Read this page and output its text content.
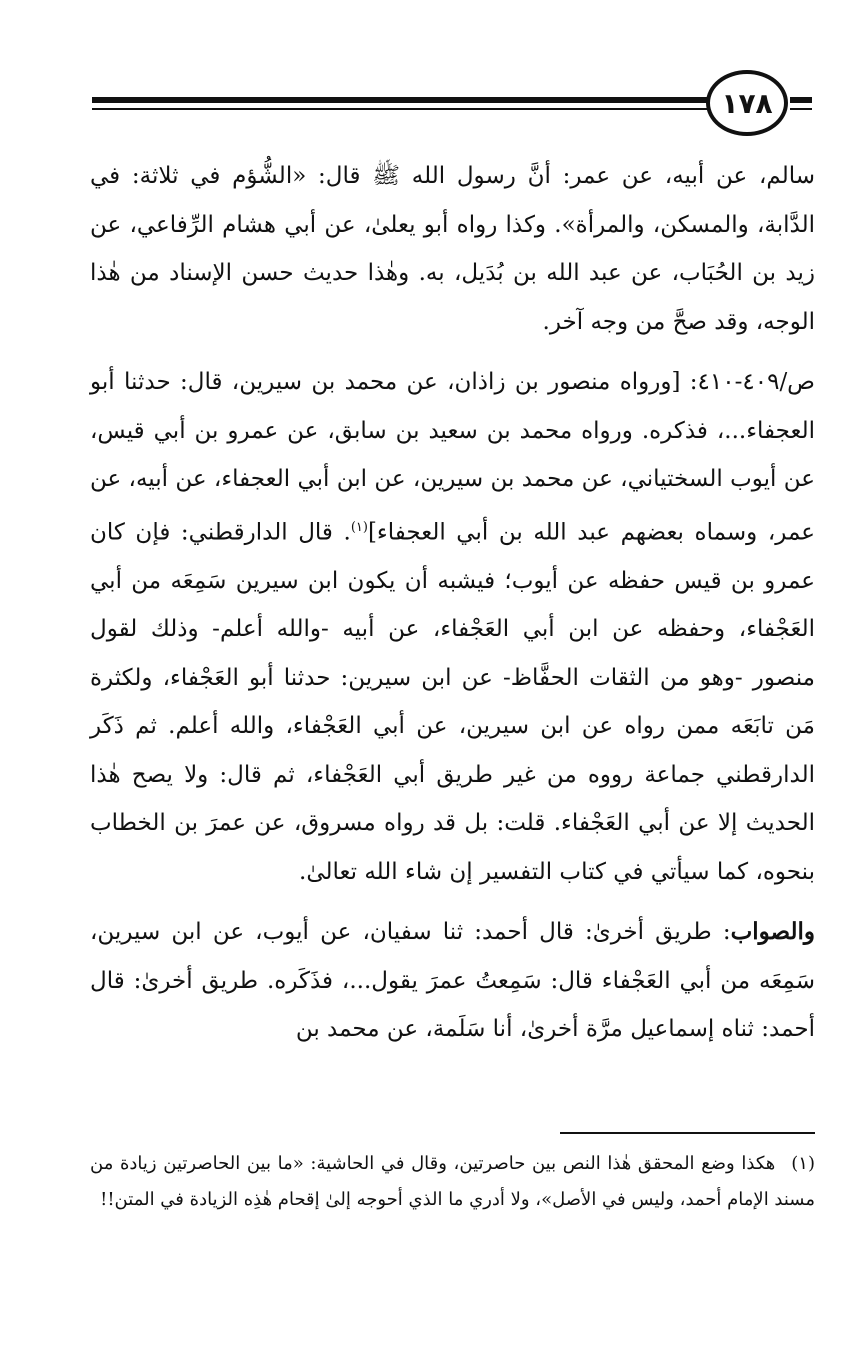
١٧٨

سالم، عن أبيه، عن عمر: أنَّ رسول الله ﷺ قال: «الشُّؤم في ثلاثة: في الدَّابة، والمسكن، والمرأة». وكذا رواه أبو يعلىٰ، عن أبي هشام الرِّفاعي، عن زيد بن الحُبَاب، عن عبد الله بن بُدَيل، به. وهٰذا حديث حسن الإسناد من هٰذا الوجه، وقد صحَّ من وجه آخر.

ص/٤٠٩-٤١٠: [ورواه منصور بن زاذان، عن محمد بن سيرين، قال: حدثنا أبو العجفاء...، فذكره. ورواه محمد بن سعيد بن سابق، عن عمرو بن أبي قيس، عن أيوب السختياني، عن محمد بن سيرين، عن ابن أبي العجفاء، عن أبيه، عن عمر، وسماه بعضهم عبد الله بن أبي العجفاء]$^{(١)}$. قال الدارقطني: فإن كان عمرو بن قيس حفظه عن أيوب؛ فيشبه أن يكون ابن سيرين سَمِعَه من أبي العَجْفاء، وحفظه عن ابن أبي العَجْفاء، عن أبيه -والله أعلم- وذلك لقول منصور -وهو من الثقات الحفَّاظ- عن ابن سيرين: حدثنا أبو العَجْفاء، ولكثرة مَن تابَعَه ممن رواه عن ابن سيرين، عن أبي العَجْفاء، والله أعلم. ثم ذَكَر الدارقطني جماعة رووه من غير طريق أبي العَجْفاء، ثم قال: ولا يصح هٰذا الحديث إلا عن أبي العَجْفاء. قلت: بل قد رواه مسروق، عن عمرَ بن الخطاب بنحوه، كما سيأتي في كتاب التفسير إن شاء الله تعالىٰ.

والصواب: طريق أخرىٰ: قال أحمد: ثنا سفيان، عن أيوب، عن ابن سيرين، سَمِعَه من أبي العَجْفاء قال: سَمِعتُ عمرَ يقول...، فذَكَره. طريق أخرىٰ: قال أحمد: ثناه إسماعيل مرَّة أخرىٰ، أنا سَلَمة، عن محمد بن

(١)هكذا وضع المحقق هٰذا النص بين حاصرتين، وقال في الحاشية: «ما بين الحاصرتين زيادة من مسند الإمام أحمد، وليس في الأصل»، ولا أدري ما الذي أحوجه إلىٰ إقحام هٰذِه الزيادة في المتن!!
